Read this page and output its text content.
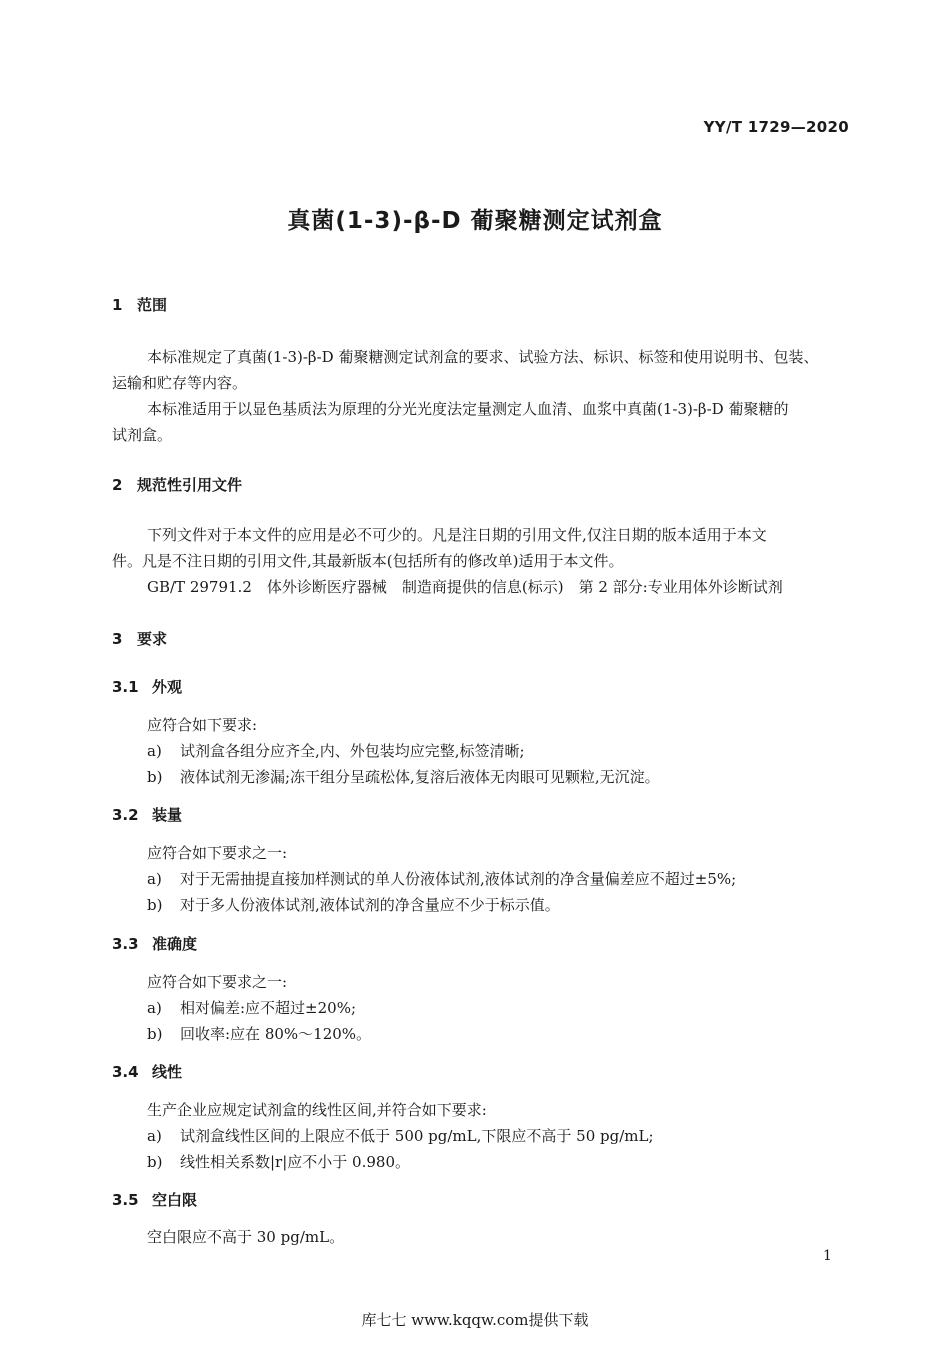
YY/T 1729—2020
真菌(1-3)-β-D 葡聚糖测定试剂盒
1 范围
本标准规定了真菌(1-3)-β-D 葡聚糖测定试剂盒的要求、试验方法、标识、标签和使用说明书、包装、
运输和贮存等内容。
本标准适用于以显色基质法为原理的分光光度法定量测定人血清、血浆中真菌(1-3)-β-D 葡聚糖的
试剂盒。
2 规范性引用文件
下列文件对于本文件的应用是必不可少的。凡是注日期的引用文件,仅注日期的版本适用于本文
件。凡是不注日期的引用文件,其最新版本(包括所有的修改单)适用于本文件。
GB/T 29791.2　体外诊断医疗器械　制造商提供的信息(标示)　第 2 部分:专业用体外诊断试剂
3 要求
3.1 外观
应符合如下要求:
a) 试剂盒各组分应齐全,内、外包装均应完整,标签清晰;
b) 液体试剂无渗漏;冻干组分呈疏松体,复溶后液体无肉眼可见颗粒,无沉淀。
3.2 装量
应符合如下要求之一:
a) 对于无需抽提直接加样测试的单人份液体试剂,液体试剂的净含量偏差应不超过±5%;
b) 对于多人份液体试剂,液体试剂的净含量应不少于标示值。
3.3 准确度
应符合如下要求之一:
a) 相对偏差:应不超过±20%;
b) 回收率:应在 80%～120%。
3.4 线性
生产企业应规定试剂盒的线性区间,并符合如下要求:
a) 试剂盒线性区间的上限应不低于 500 pg/mL,下限应不高于 50 pg/mL;
b) 线性相关系数|r|应不小于 0.980。
3.5 空白限
空白限应不高于 30 pg/mL。
1
库七七 www.kqqw.com提供下载
